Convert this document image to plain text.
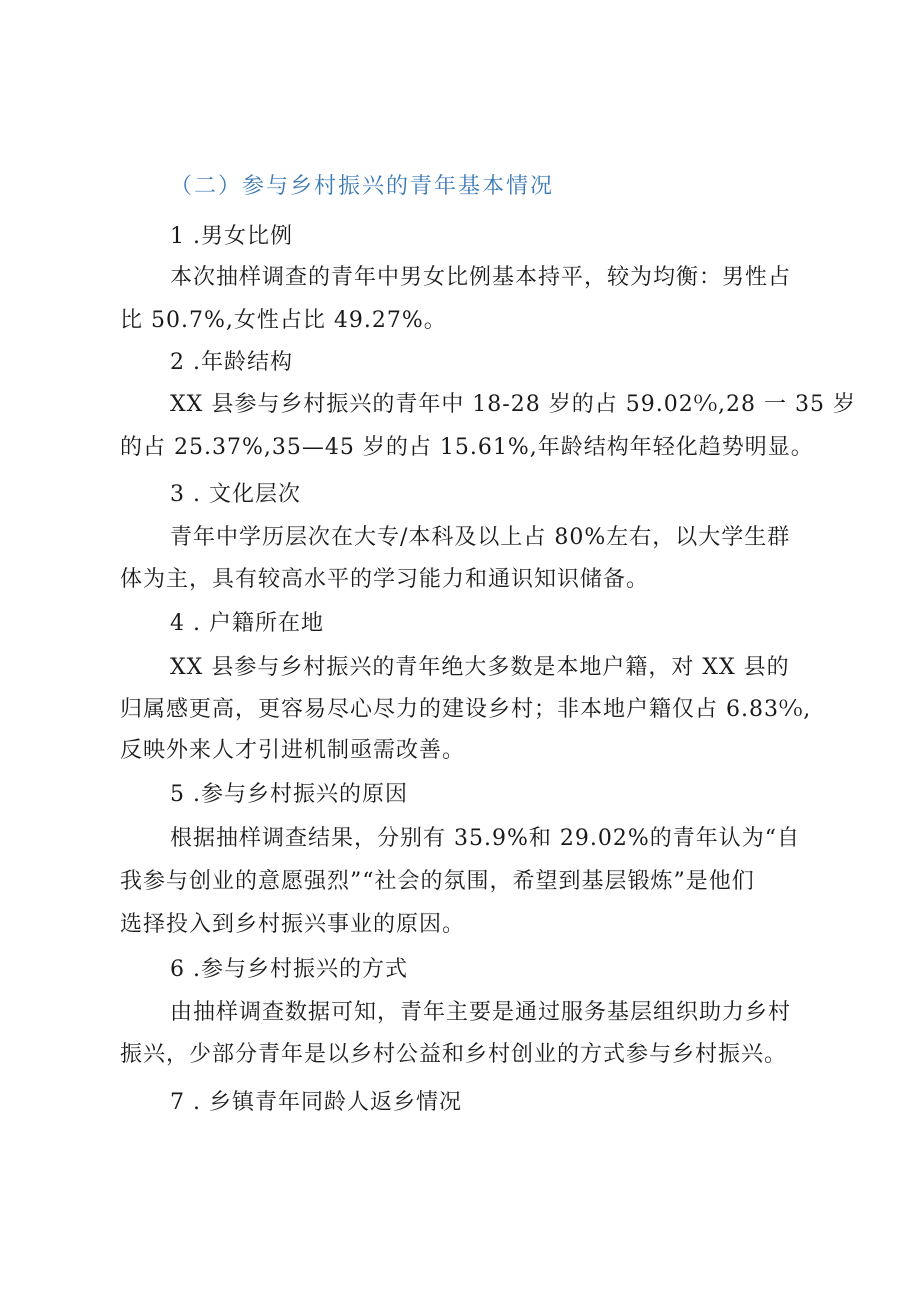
（二）参与乡村振兴的青年基本情况
1 .男女比例
本次抽样调查的青年中男女比例基本持平，较为均衡：男性占
比 50.7%,女性占比 49.27%。
2 .年龄结构
XX 县参与乡村振兴的青年中 18-28 岁的占 59.02⁰⁄₀,28 一 35 岁
的占 25.37%,35—45 岁的占 15.61%,年龄结构年轻化趋势明显。
3 . 文化层次
青年中学历层次在大专/本科及以上占 80%左右，以大学生群
体为主，具有较高水平的学习能力和通识知识储备。
4 . 户籍所在地
XX 县参与乡村振兴的青年绝大多数是本地户籍，对 XX 县的
归属感更高，更容易尽心尽力的建设乡村；非本地户籍仅占 6.83⁰⁄₀,
反映外来人才引进机制亟需改善。
5 .参与乡村振兴的原因
根据抽样调查结果，分别有 35.9%和 29.02%的青年认为“自
我参与创业的意愿强烈”“社会的氛围，希望到基层锻炼”是他们
选择投入到乡村振兴事业的原因。
6 .参与乡村振兴的方式
由抽样调查数据可知，青年主要是通过服务基层组织助力乡村
振兴，少部分青年是以乡村公益和乡村创业的方式参与乡村振兴。
7 . 乡镇青年同龄人返乡情况
